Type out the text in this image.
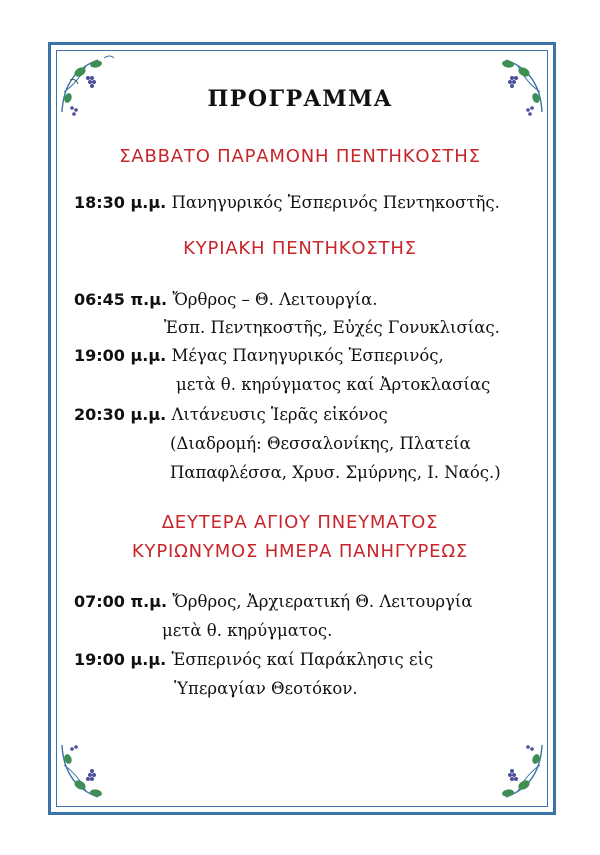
ΠΡΟΓΡΑΜΜΑ
ΣΑΒΒΑΤΟ ΠΑΡΑΜΟΝΗ ΠΕΝΤΗΚΟΣΤΗΣ
18:30 μ.μ. Πανηγυρικός Ἑσπερινός Πεντηκοστῆς.
ΚΥΡΙΑΚΗ ΠΕΝΤΗΚΟΣΤΗΣ
06:45 π.μ. Ὄρθρος – Θ. Λειτουργία.
Ἑσπ. Πεντηκοστῆς, Εὐχές Γονυκλισίας.
19:00 μ.μ. Μέγας Πανηγυρικός Ἑσπερινός,
μετὰ θ. κηρύγματος καί Ἀρτοκλασίας
20:30 μ.μ. Λιτάνευσις Ἱερᾶς εἰκόνος
(Διαδρομή: Θεσσαλονίκης, Πλατεία
Παπαφλέσσα, Χρυσ. Σμύρνης, Ι. Ναός.)
ΔΕΥΤΕΡΑ ΑΓΙΟΥ ΠΝΕΥΜΑΤΟΣ
ΚΥΡΙΩΝΥΜΟΣ ΗΜΕΡΑ ΠΑΝΗΓΥΡΕΩΣ
07:00 π.μ. Ὄρθρος, Ἀρχιερατική Θ. Λειτουργία
μετὰ θ. κηρύγματος.
19:00 μ.μ. Ἑσπερινός καί Παράκλησις εἰς
Ὑπεραγίαν Θεοτόκον.
